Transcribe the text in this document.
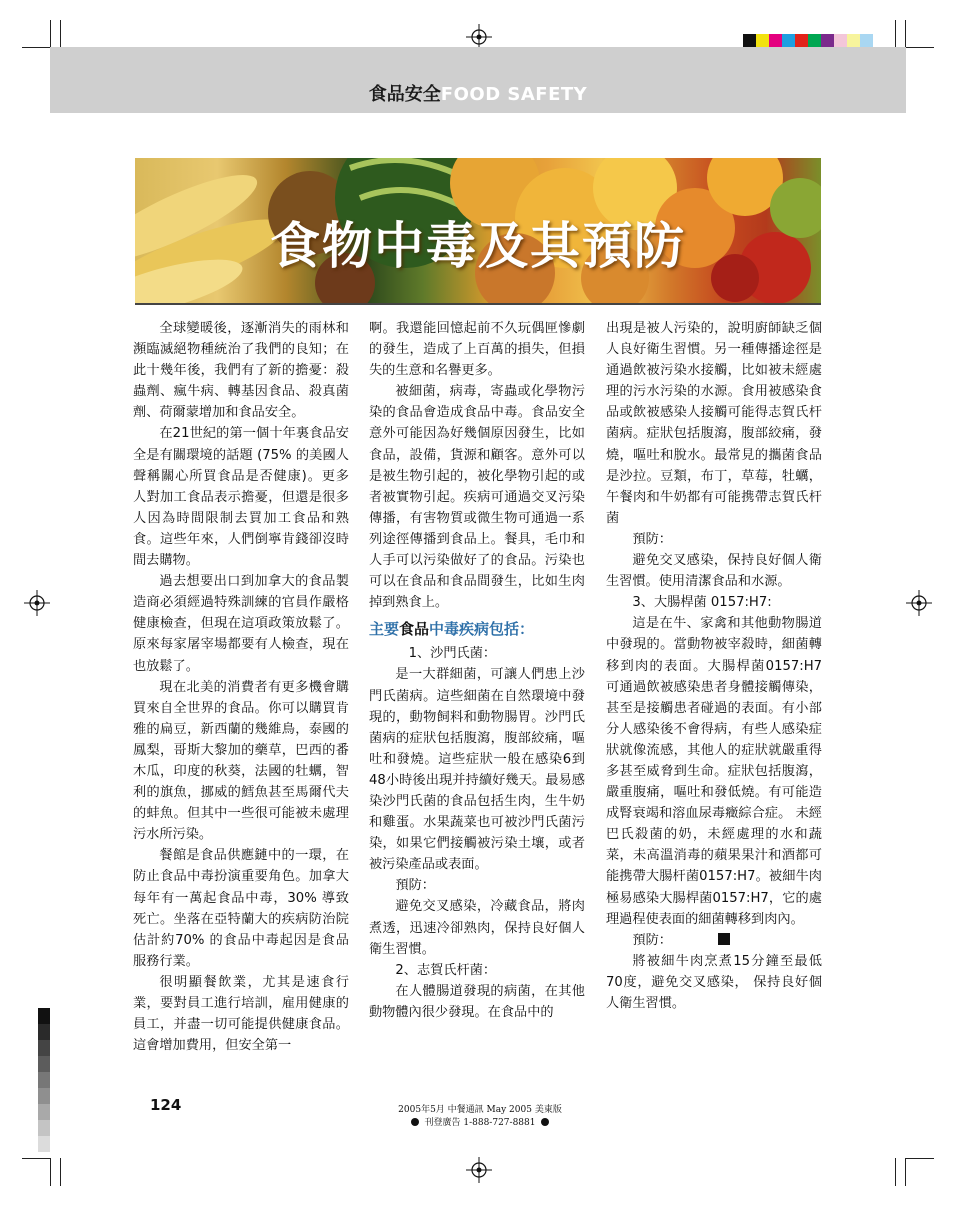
食品安全FOOD SAFETY
食物中毒及其預防

全球變暖後，逐漸消失的雨林和瀕臨滅絕物種統治了我們的良知；在此十幾年後，我們有了新的擔憂：殺蟲劑、瘋牛病、轉基因食品、殺真菌劑、荷爾蒙增加和食品安全。

在21世紀的第一個十年裏食品安全是有關環境的話題 (75% 的美國人聲稱關心所買食品是否健康)。更多人對加工食品表示擔憂，但還是很多人因為時間限制去買加工食品和熟食。這些年來，人們倒寧肯錢卻沒時間去購物。

過去想要出口到加拿大的食品製造商必須經過特殊訓練的官員作嚴格健康檢查，但現在這項政策放鬆了。原來每家屠宰場都要有人檢查，現在也放鬆了。

現在北美的消費者有更多機會購買來自全世界的食品。你可以購買肯雅的扁豆，新西蘭的幾維鳥，泰國的鳳梨，哥斯大黎加的藥草，巴西的番木瓜，印度的秋葵，法國的牡蠣，智利的旗魚，挪威的鱈魚甚至馬爾代夫的蚌魚。但其中一些很可能被未處理污水所污染。

餐館是食品供應鏈中的一環，在防止食品中毒扮演重要角色。加拿大每年有一萬起食品中毒，30% 導致死亡。坐落在亞特蘭大的疾病防治院估計約70% 的食品中毒起因是食品服務行業。

很明顯餐飲業，尤其是速食行業，要對員工進行培訓，雇用健康的員工，并盡一切可能提供健康食品。這會增加費用，但安全第一

啊。我還能回憶起前不久玩偶匣慘劇的發生，造成了上百萬的損失，但損失的生意和名譽更多。

被細菌，病毒，寄蟲或化學物污染的食品會造成食品中毒。食品安全意外可能因為好幾個原因發生，比如食品，設備，貨源和顧客。意外可以是被生物引起的，被化學物引起的或者被實物引起。疾病可通過交叉污染傳播，有害物質或微生物可通過一系列途徑傳播到食品上。餐具，毛巾和人手可以污染做好了的食品。污染也可以在食品和食品間發生，比如生肉掉到熟食上。

主要食品中毒疾病包括：

1、沙門氏菌：

是一大群細菌，可讓人們患上沙門氏菌病。這些細菌在自然環境中發現的，動物飼料和動物腸胃。沙門氏菌病的症狀包括腹瀉，腹部絞痛，嘔吐和發燒。這些症狀一般在感染6到48小時後出現并持續好幾天。最易感染沙門氏菌的食品包括生肉，生牛奶和雞蛋。水果蔬菜也可被沙門氏菌污染，如果它們接觸被污染土壤，或者被污染產品或表面。

預防：

避免交叉感染，冷藏食品，將肉煮透，迅速冷卻熟肉，保持良好個人衛生習慣。

2、志賀氏杆菌：

在人體腸道發現的病菌，在其他動物體內很少發現。在食品中的

出現是被人污染的，說明廚師缺乏個人良好衛生習慣。另一種傳播途徑是通過飲被污染水接觸，比如被未經處理的污水污染的水源。食用被感染食品或飲被感染人接觸可能得志賀氏杆菌病。症狀包括腹瀉，腹部絞痛，發燒，嘔吐和脫水。最常見的攜菌食品是沙拉。豆類，布丁，草莓，牡蠣，午餐肉和牛奶都有可能携帶志賀氏杆菌

預防：

避免交叉感染，保持良好個人衛生習慣。使用清潔食品和水源。

3、大腸桿菌 0157:H7:

這是在牛、家禽和其他動物腸道中發現的。當動物被宰殺時，細菌轉移到肉的表面。大腸桿菌0157:H7 可通過飲被感染患者身體接觸傳染，甚至是接觸患者碰過的表面。有小部分人感染後不會得病，有些人感染症狀就像流感，其他人的症狀就嚴重得多甚至威脅到生命。症狀包括腹瀉，嚴重腹痛，嘔吐和發低燒。有可能造成腎衰竭和溶血尿毒癥綜合症。 未經巴氏殺菌的奶，未經處理的水和蔬菜，未高溫消毒的蘋果果汁和酒都可能携帶大腸杆菌0157:H7。被細牛肉極易感染大腸桿菌0157:H7，它的處理過程使表面的細菌轉移到肉內。

預防：

將被細牛肉烹煮15分鐘至最低70度，避免交叉感染， 保持良好個人衛生習慣。

124	2005年5月 中餐通訊 May 2005 美東版
刊登廣告 1-888-727-8881
